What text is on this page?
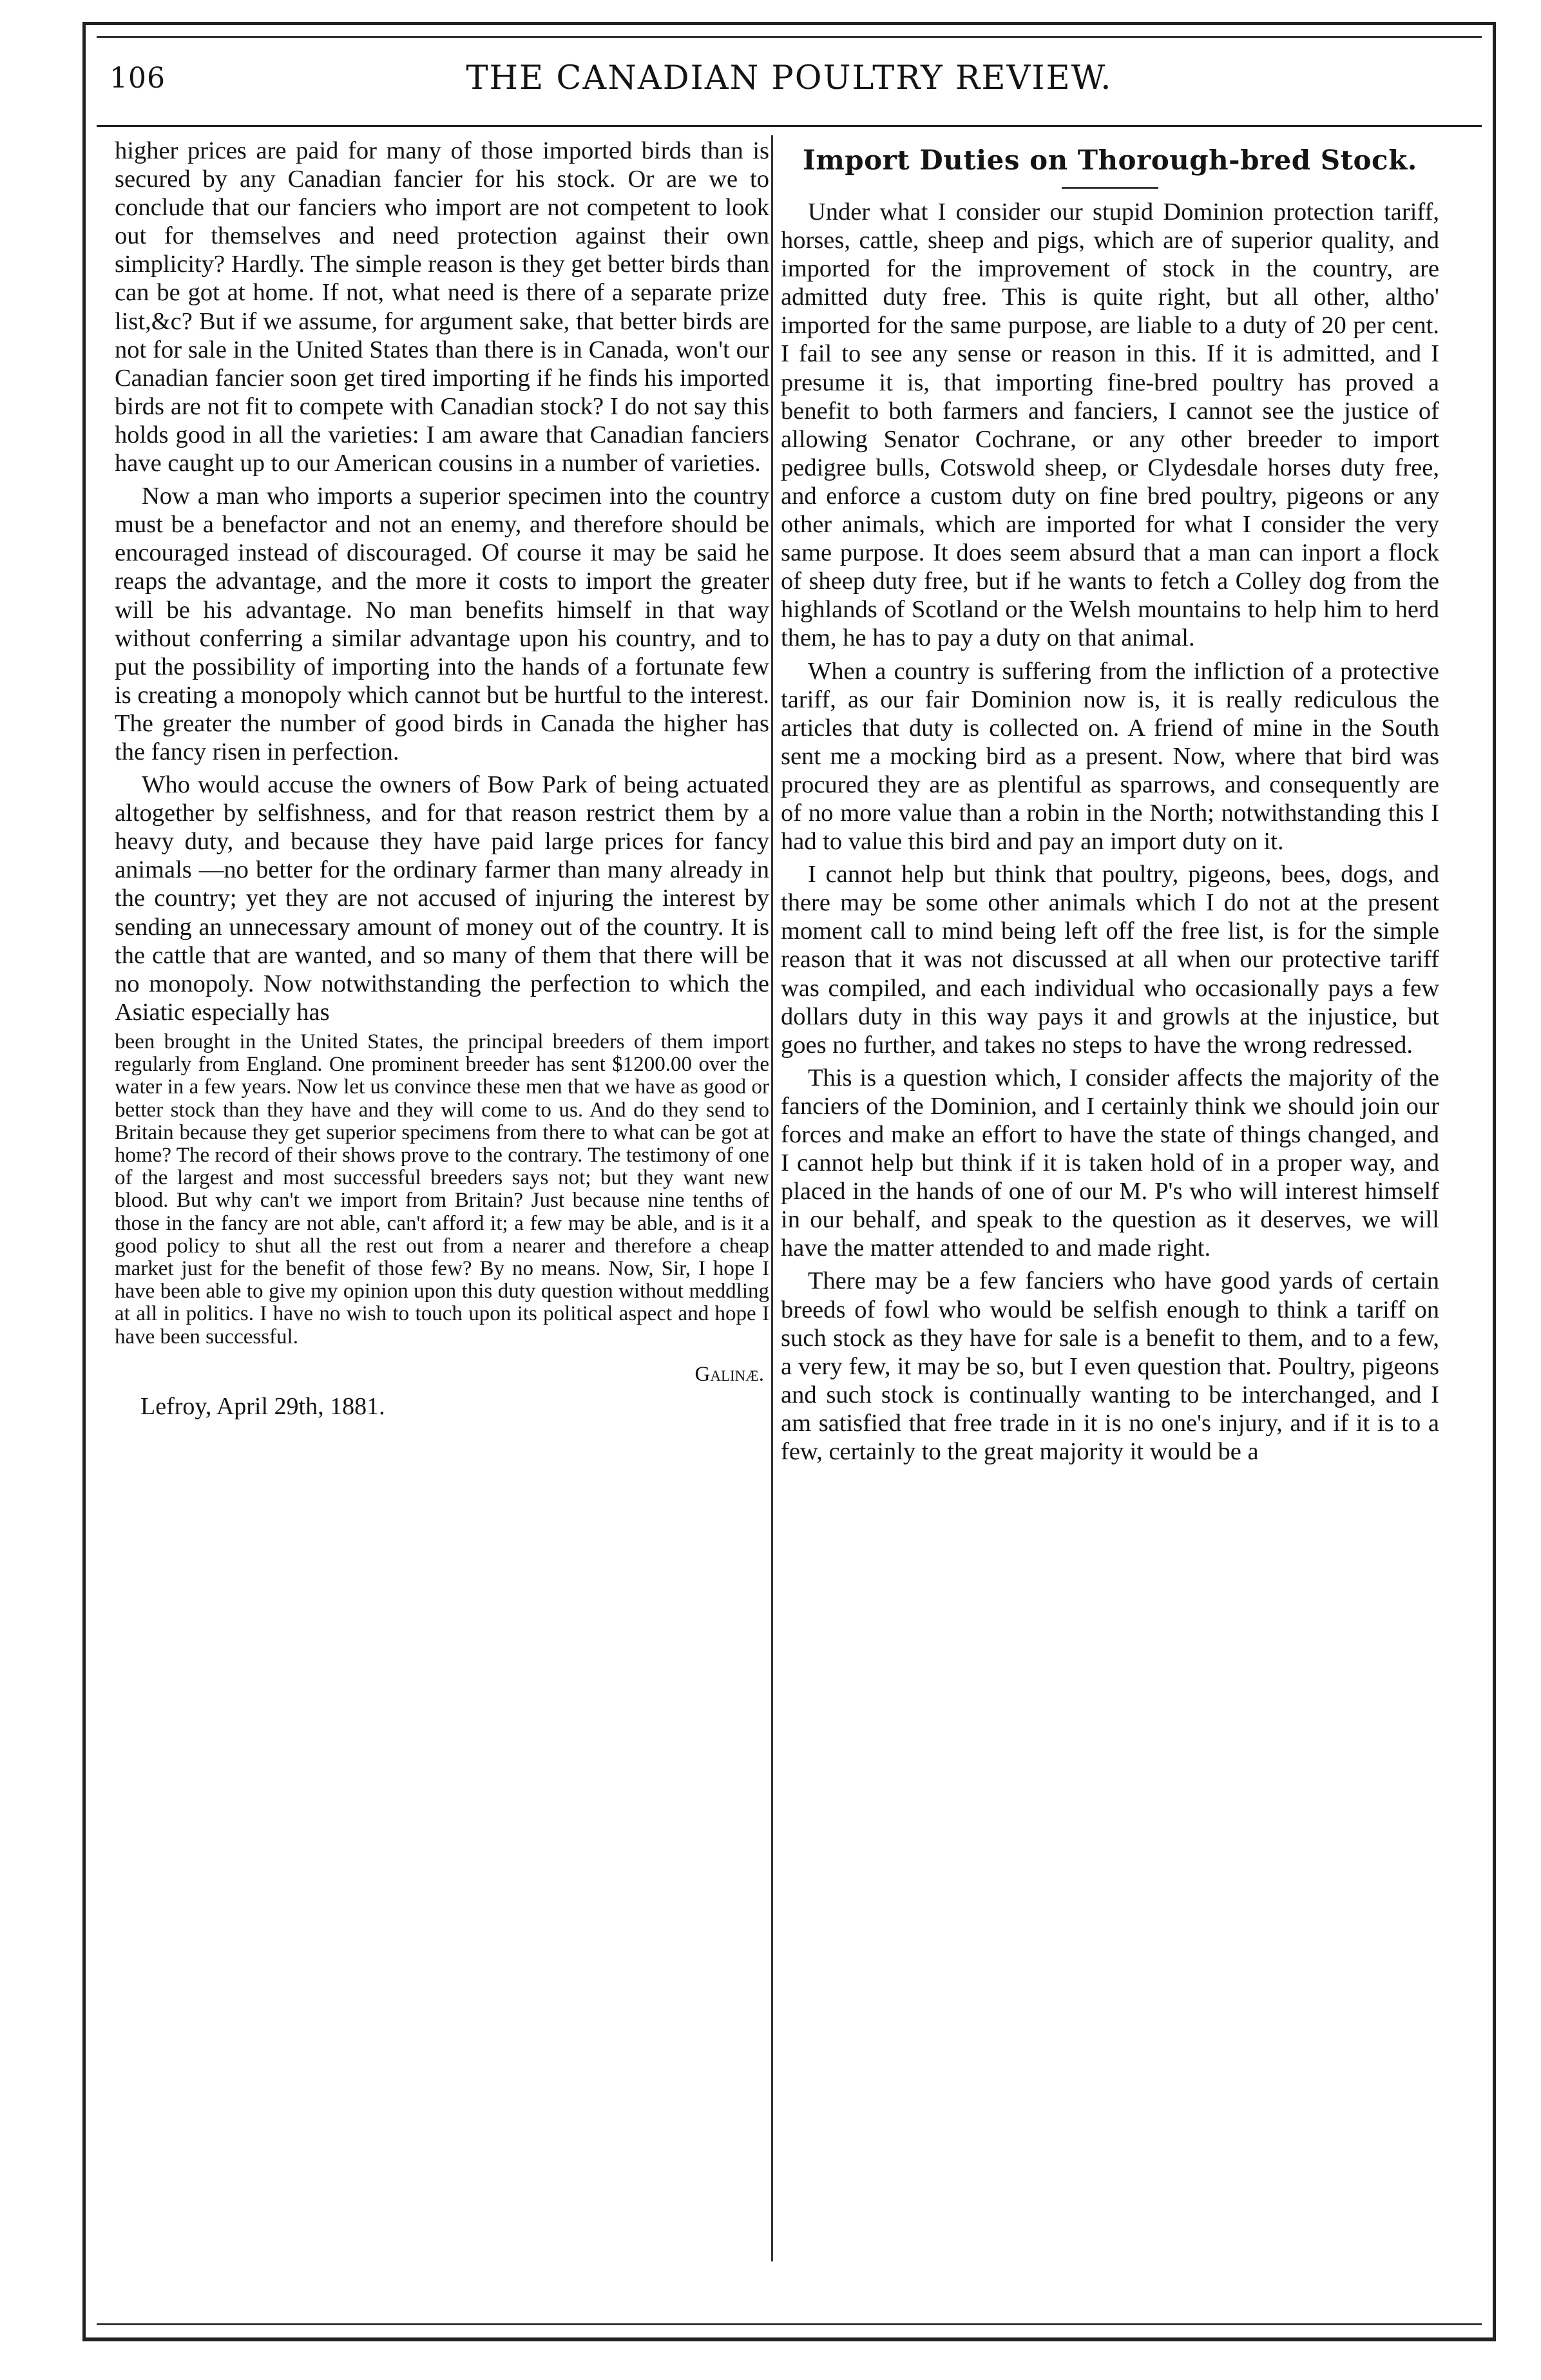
106	THE CANADIAN POULTRY REVIEW.

higher prices are paid for many of those imported birds than is secured by any Canadian fancier for his stock. Or are we to conclude that our fanciers who import are not competent to look out for themselves and need protection against their own simplicity? Hardly. The simple reason is they get better birds than can be got at home. If not, what need is there of a separate prize list,&c? But if we assume, for argument sake, that better birds are not for sale in the United States than there is in Canada, won't our Canadian fancier soon get tired importing if he finds his imported birds are not fit to compete with Canadian stock? I do not say this holds good in all the varieties: I am aware that Canadian fanciers have caught up to our American cousins in a number of varieties.

Now a man who imports a superior specimen into the country must be a benefactor and not an enemy, and therefore should be encouraged instead of discouraged. Of course it may be said he reaps the advantage, and the more it costs to import the greater will be his advantage. No man benefits himself in that way without conferring a similar advantage upon his country, and to put the possibility of importing into the hands of a fortunate few is creating a monopoly which cannot but be hurtful to the interest. The greater the number of good birds in Canada the higher has the fancy risen in perfection.

Who would accuse the owners of Bow Park of being actuated altogether by selfishness, and for that reason restrict them by a heavy duty, and because they have paid large prices for fancy animals —no better for the ordinary farmer than many already in the country; yet they are not accused of injuring the interest by sending an unnecessary amount of money out of the country. It is the cattle that are wanted, and so many of them that there will be no monopoly. Now notwithstanding the perfection to which the Asiatic especially has

been brought in the United States, the principal breeders of them import regularly from England. One prominent breeder has sent $1200.00 over the water in a few years. Now let us convince these men that we have as good or better stock than they have and they will come to us. And do they send to Britain because they get superior specimens from there to what can be got at home? The record of their shows prove to the contrary. The testimony of one of the largest and most successful breeders says not; but they want new blood. But why can't we import from Britain? Just because nine tenths of those in the fancy are not able, can't afford it; a few may be able, and is it a good policy to shut all the rest out from a nearer and therefore a cheap market just for the benefit of those few? By no means. Now, Sir, I hope I have been able to give my opinion upon this duty question without meddling at all in politics. I have no wish to touch upon its political aspect and hope I have been successful.

Galinæ.

Lefroy, April 29th, 1881.

Import Duties on Thorough-bred Stock.

Under what I consider our stupid Dominion protection tariff, horses, cattle, sheep and pigs, which are of superior quality, and imported for the improvement of stock in the country, are admitted duty free. This is quite right, but all other, altho' imported for the same purpose, are liable to a duty of 20 per cent. I fail to see any sense or reason in this. If it is admitted, and I presume it is, that importing fine-bred poultry has proved a benefit to both farmers and fanciers, I cannot see the justice of allowing Senator Cochrane, or any other breeder to import pedigree bulls, Cotswold sheep, or Clydesdale horses duty free, and enforce a custom duty on fine bred poultry, pigeons or any other animals, which are imported for what I consider the very same purpose. It does seem absurd that a man can inport a flock of sheep duty free, but if he wants to fetch a Colley dog from the highlands of Scotland or the Welsh mountains to help him to herd them, he has to pay a duty on that animal.

When a country is suffering from the infliction of a protective tariff, as our fair Dominion now is, it is really rediculous the articles that duty is collected on. A friend of mine in the South sent me a mocking bird as a present. Now, where that bird was procured they are as plentiful as sparrows, and consequently are of no more value than a robin in the North; notwithstanding this I had to value this bird and pay an import duty on it.

I cannot help but think that poultry, pigeons, bees, dogs, and there may be some other animals which I do not at the present moment call to mind being left off the free list, is for the simple reason that it was not discussed at all when our protective tariff was compiled, and each individual who occasionally pays a few dollars duty in this way pays it and growls at the injustice, but goes no further, and takes no steps to have the wrong redressed.

This is a question which, I consider affects the majority of the fanciers of the Dominion, and I certainly think we should join our forces and make an effort to have the state of things changed, and I cannot help but think if it is taken hold of in a proper way, and placed in the hands of one of our M. P's who will interest himself in our behalf, and speak to the question as it deserves, we will have the matter attended to and made right.

There may be a few fanciers who have good yards of certain breeds of fowl who would be selfish enough to think a tariff on such stock as they have for sale is a benefit to them, and to a few, a very few, it may be so, but I even question that. Poultry, pigeons and such stock is continually wanting to be interchanged, and I am satisfied that free trade in it is no one's injury, and if it is to a few, certainly to the great majority it would be a
